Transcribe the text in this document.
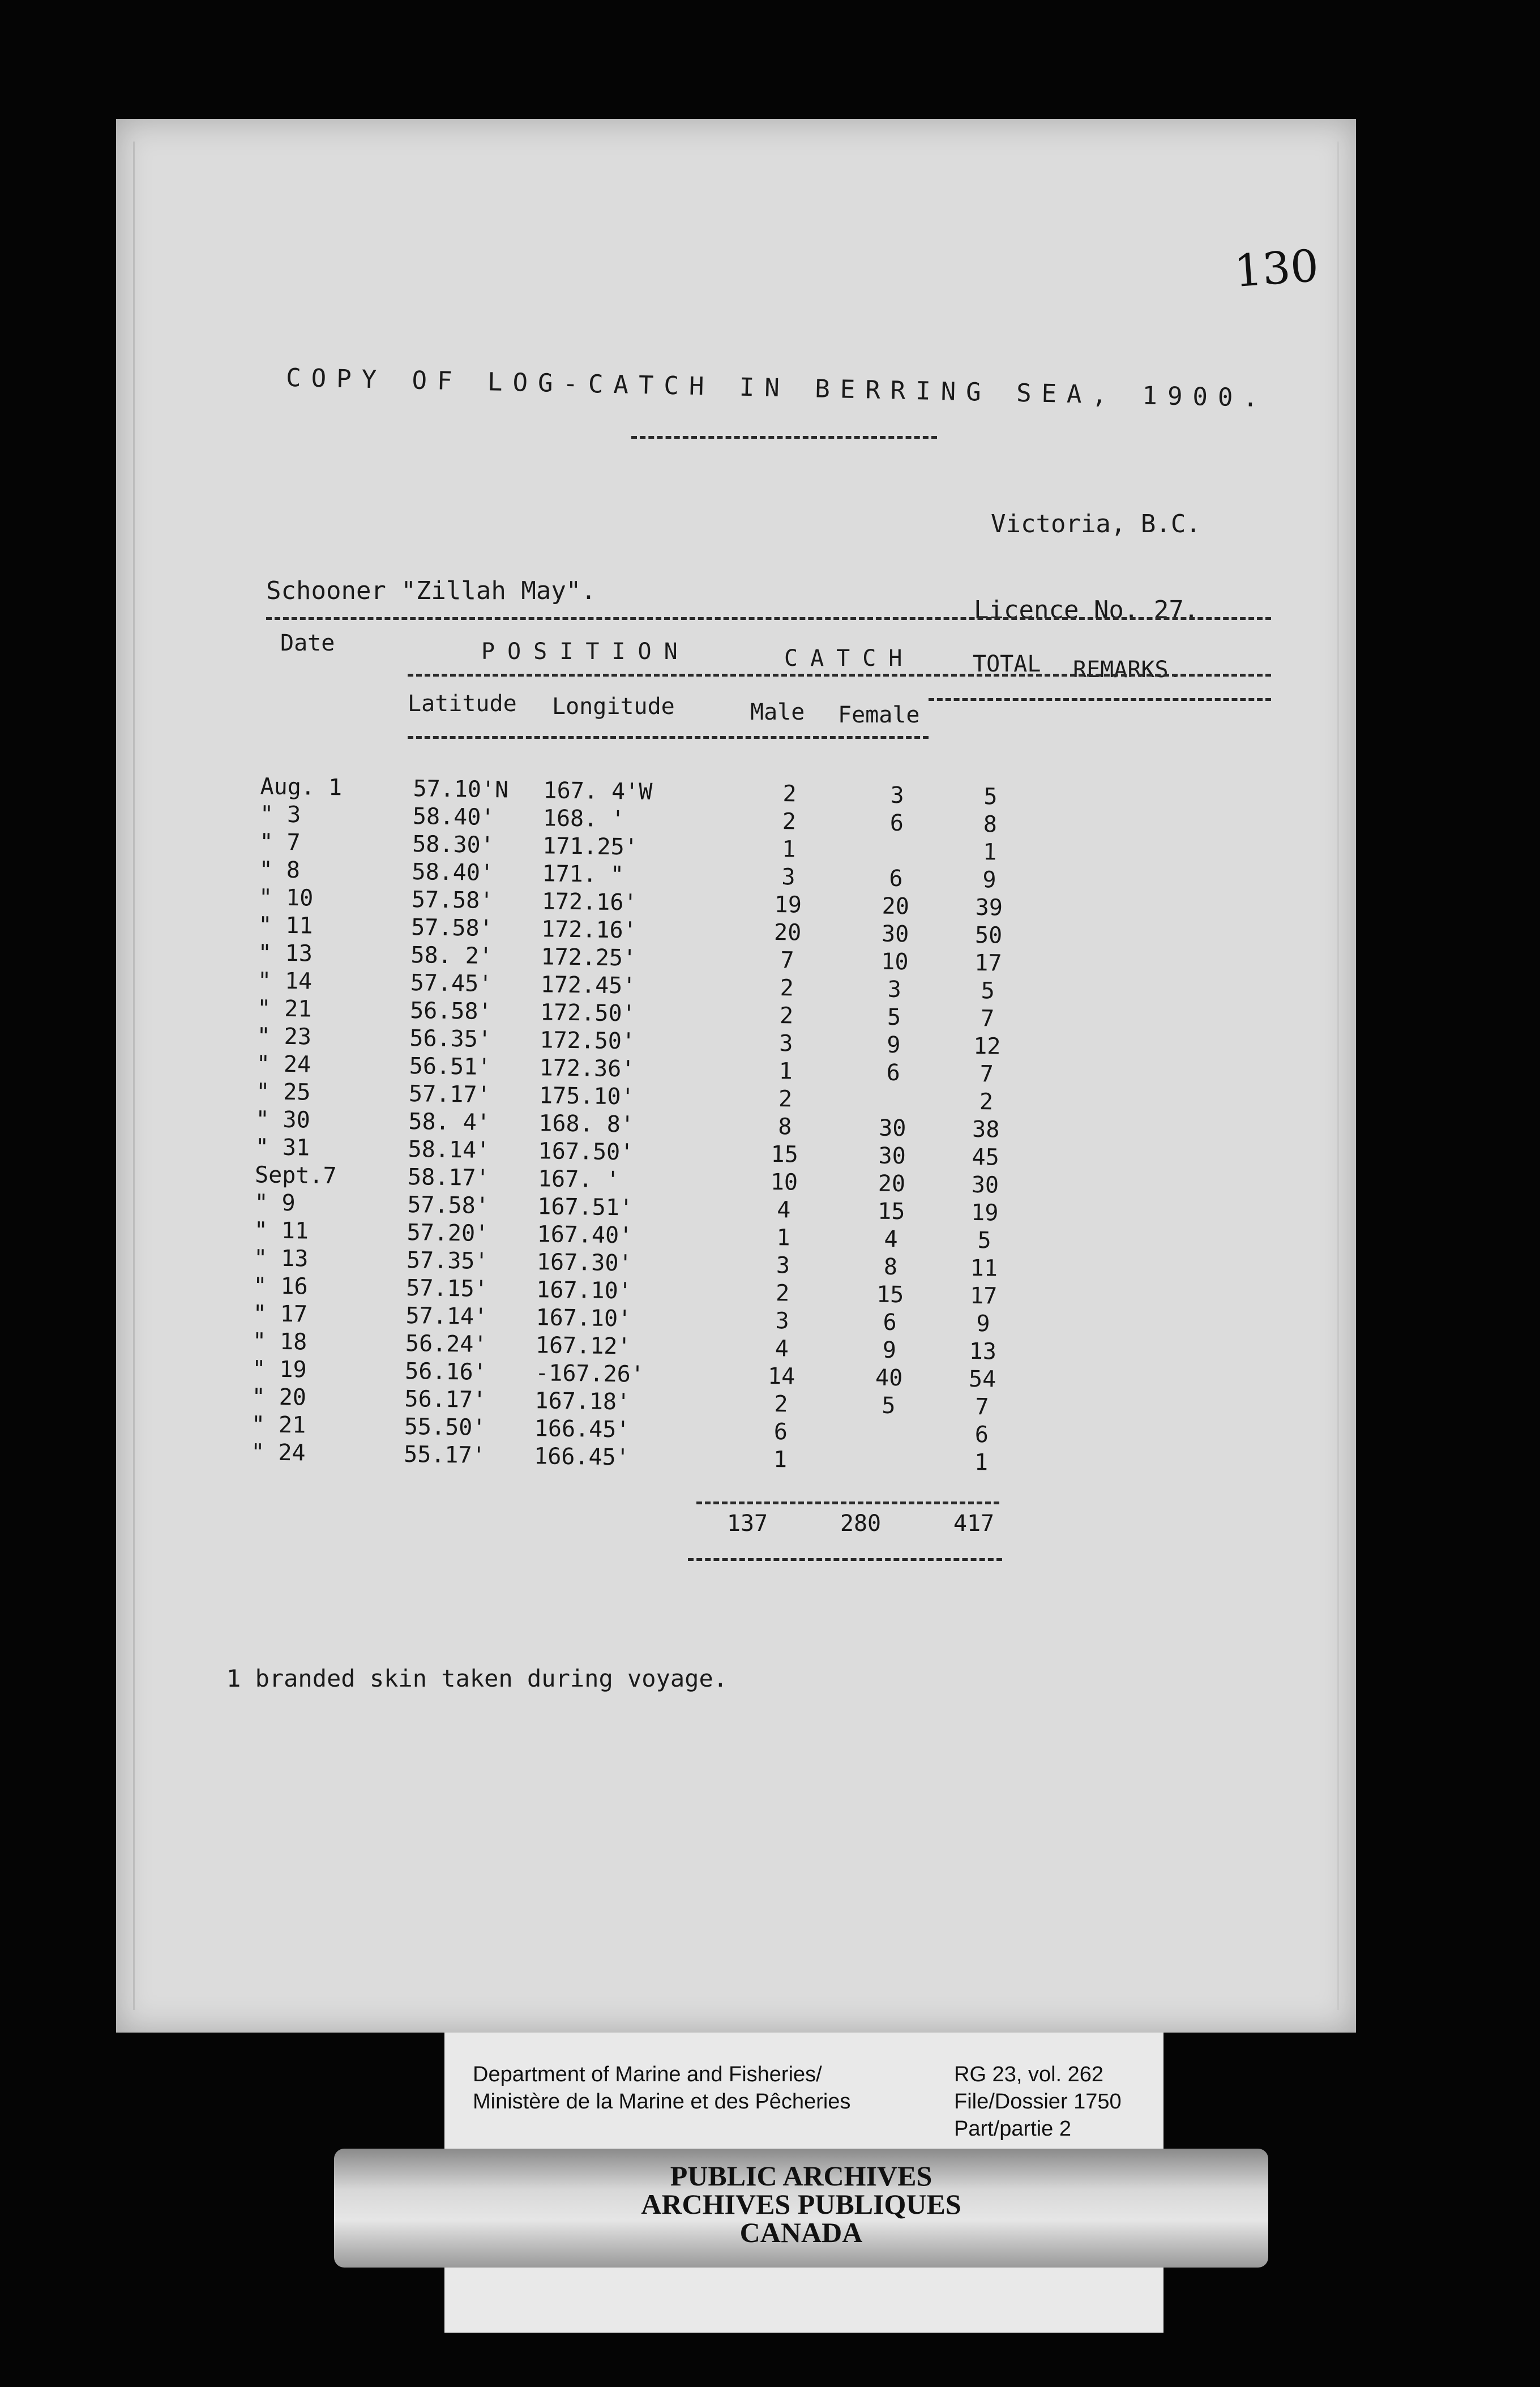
130
COPY OF LOG-CATCH IN BERRING SEA, 1900.
Victoria, B.C.
Schooner "Zillah May".
Licence No. 27.
Date	POSITION	CATCH	TOTAL REMARKS.
Latitude Longitude	Male Female
Aug. 1	57.10'N	167. 4'W	2	3	5
" 3	58.40'	168. '	2	6	8
" 7	58.30'	171.25'	1		1
" 8	58.40'	171. "	3	6	9
" 10	57.58'	172.16'	19	20	39
" 11	57.58'	172.16'	20	30	50
" 13	58. 2'	172.25'	7	10	17
" 14	57.45'	172.45'	2	3	5
" 21	56.58'	172.50'	2	5	7
" 23	56.35'	172.50'	3	9	12
" 24	56.51'	172.36'	1	6	7
" 25	57.17'	175.10'	2		2
" 30	58. 4'	168. 8'	8	30	38
" 31	58.14'	167.50'	15	30	45
Sept.7	58.17'	167. '	10	20	30
" 9	57.58'	167.51'	4	15	19
" 11	57.20'	167.40'	1	4	5
" 13	57.35'	167.30'	3	8	11
" 16	57.15'	167.10'	2	15	17
" 17	57.14'	167.10'	3	6	9
" 18	56.24'	167.12'	4	9	13
" 19	56.16'	-167.26'	14	40	54
" 20	56.17'	167.18'	2	5	7
" 21	55.50'	166.45'	6		6
" 24	55.17'	166.45'	1		1
137	280	417
1 branded skin taken during voyage.
Department of Marine and Fisheries/
Ministère de la Marine et des Pêcheries
RG 23, vol. 262
File/Dossier 1750
Part/partie 2
PUBLIC ARCHIVES
ARCHIVES PUBLIQUES
CANADA
